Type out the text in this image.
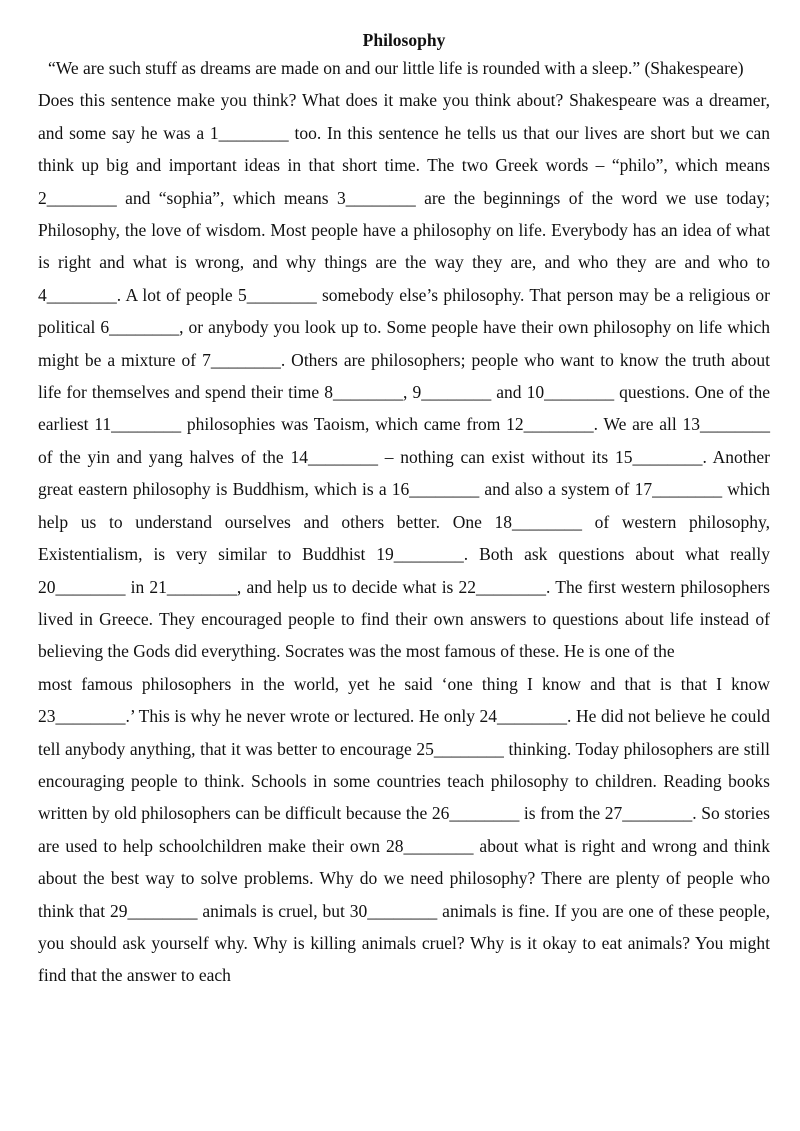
Philosophy

“We are such stuff as dreams are made on and our little life is rounded with a sleep.” (Shakespeare)

Does this sentence make you think? What does it make you think about? Shakespeare was a dreamer, and some say he was a 1________ too. In this sentence he tells us that our lives are short but we can think up big and important ideas in that short time. The two Greek words – “philo”, which means 2________ and “sophia”, which means 3________ are the beginnings of the word we use today; Philosophy, the love of wisdom. Most people have a philosophy on life. Everybody has an idea of what is right and what is wrong, and why things are the way they are, and who they are and who to 4________. A lot of people 5________ somebody else’s philosophy. That person may be a religious or political 6________, or anybody you look up to. Some people have their own philosophy on life which might be a mixture of 7________. Others are philosophers; people who want to know the truth about life for themselves and spend their time 8________, 9________ and 10________ questions. One of the earliest 11________ philosophies was Taoism, which came from 12________. We are all 13________ of the yin and yang halves of the 14________ – nothing can exist without its 15________. Another great eastern philosophy is Buddhism, which is a 16________ and also a system of 17________ which help us to understand ourselves and others better. One 18________ of western philosophy, Existentialism, is very similar to Buddhist 19________. Both ask questions about what really 20________ in 21________, and help us to decide what is 22________. The first western philosophers lived in Greece. They encouraged people to find their own answers to questions about life instead of believing the Gods did everything. Socrates was the most famous of these. He is one of the

most famous philosophers in the world, yet he said ‘one thing I know and that is that I know 23________.’ This is why he never wrote or lectured. He only 24________. He did not believe he could tell anybody anything, that it was better to encourage 25________ thinking. Today philosophers are still encouraging people to think. Schools in some countries teach philosophy to children. Reading books written by old philosophers can be difficult because the 26________ is from the 27________. So stories are used to help schoolchildren make their own 28________ about what is right and wrong and think about the best way to solve problems. Why do we need philosophy? There are plenty of people who think that 29________ animals is cruel, but 30________ animals is fine. If you are one of these people, you should ask yourself why. Why is killing animals cruel? Why is it okay to eat animals? You might find that the answer to each
